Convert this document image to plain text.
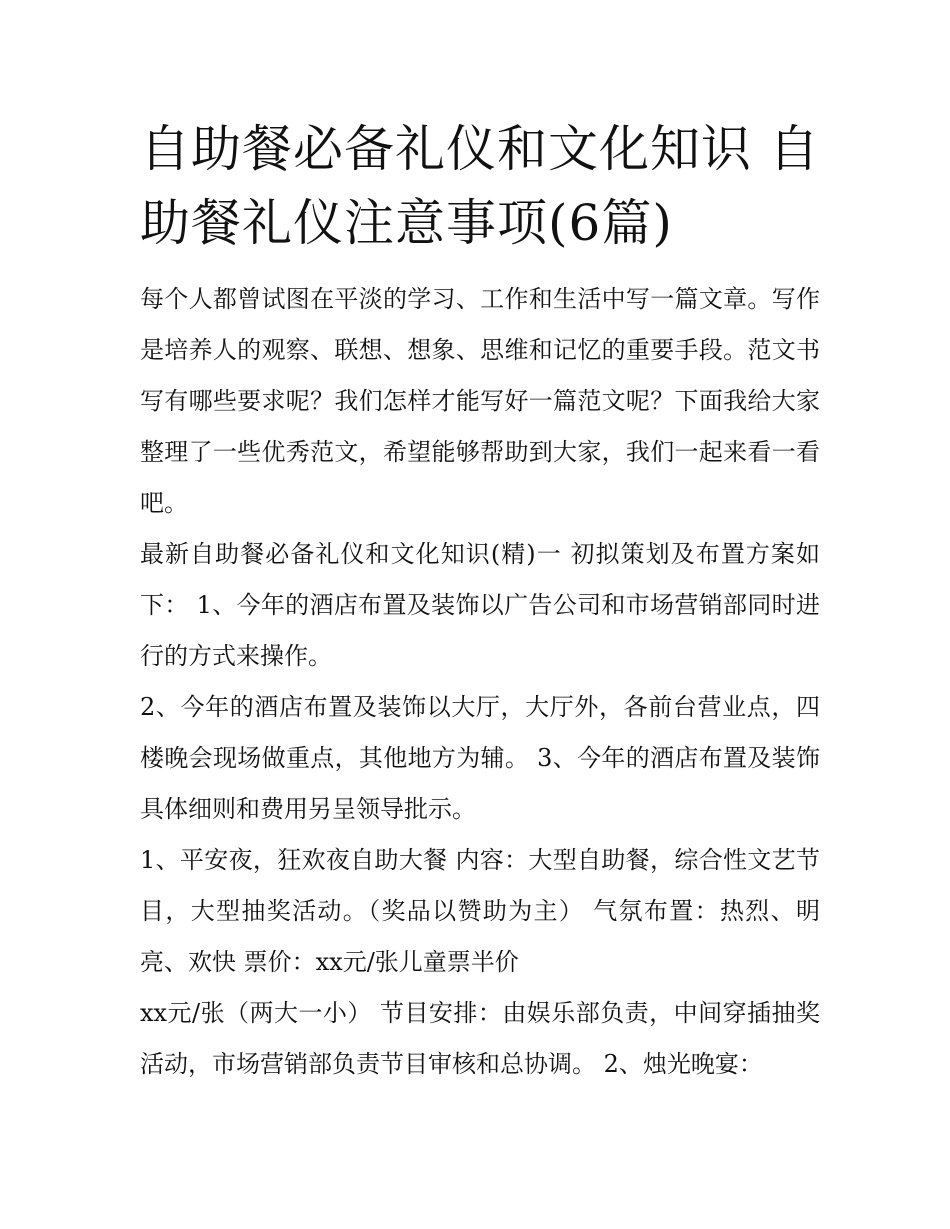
自助餐必备礼仪和文化知识 自助餐礼仪注意事项(6篇)

每个人都曾试图在平淡的学习、工作和生活中写一篇文章。写作是培养人的观察、联想、想象、思维和记忆的重要手段。范文书写有哪些要求呢？我们怎样才能写好一篇范文呢？下面我给大家整理了一些优秀范文，希望能够帮助到大家，我们一起来看一看吧。

最新自助餐必备礼仪和文化知识(精)一 初拟策划及布置方案如下： 1、今年的酒店布置及装饰以广告公司和市场营销部同时进行的方式来操作。

2、今年的酒店布置及装饰以大厅，大厅外，各前台营业点，四楼晚会现场做重点，其他地方为辅。 3、今年的酒店布置及装饰具体细则和费用另呈领导批示。

1、平安夜，狂欢夜自助大餐 内容：大型自助餐，综合性文艺节目，大型抽奖活动。（奖品以赞助为主） 气氛布置：热烈、明亮、欢快 票价：xx元/张儿童票半价

xx元/张（两大一小） 节目安排：由娱乐部负责，中间穿插抽奖活动，市场营销部负责节目审核和总协调。 2、烛光晚宴：
